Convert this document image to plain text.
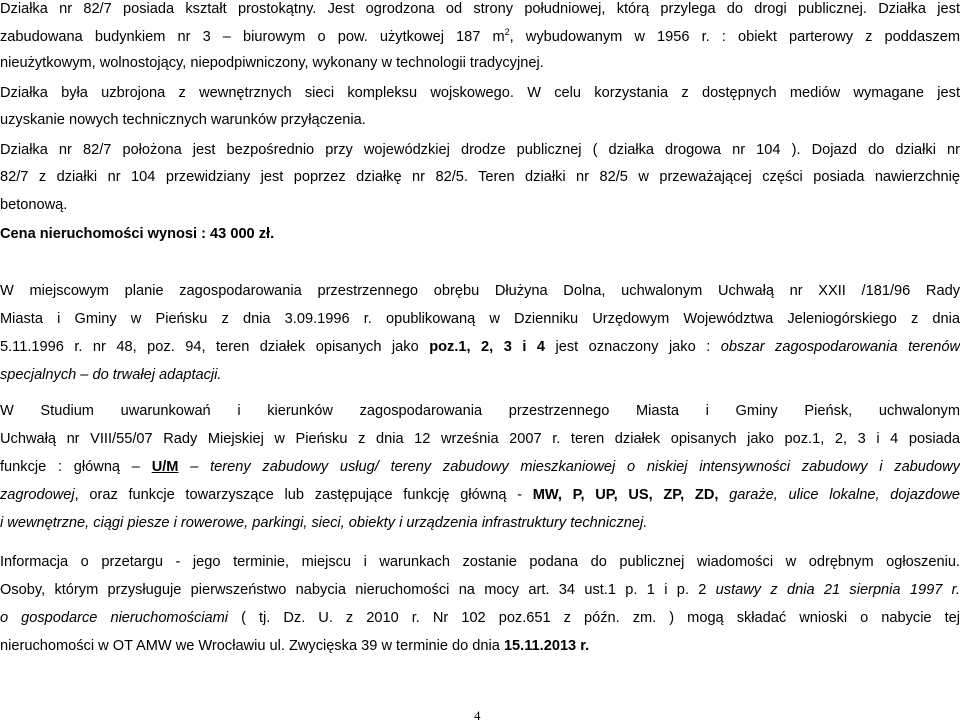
Działka nr 82/7 posiada kształt prostokątny. Jest ogrodzona od strony południowej, którą przylega do drogi publicznej. Działka jest
zabudowana budynkiem nr 3 – biurowym o pow. użytkowej 187 $m^2$, wybudowanym w 1956 r. : obiekt parterowy z poddaszem
nieużytkowym, wolnostojący, niepodpiwniczony, wykonany w technologii tradycyjnej.
Działka była uzbrojona z wewnętrznych sieci kompleksu wojskowego. W celu korzystania z dostępnych mediów wymagane jest
uzyskanie nowych technicznych warunków przyłączenia.
Działka nr 82/7 położona jest bezpośrednio przy wojewódzkiej drodze publicznej ( działka drogowa nr 104 ). Dojazd do działki nr
82/7 z działki nr 104 przewidziany jest poprzez działkę nr 82/5. Teren działki nr 82/5 w przeważającej części posiada nawierzchnię
betonową.
Cena nieruchomości wynosi : 43 000 zł.
W miejscowym planie zagospodarowania przestrzennego obrębu Dłużyna Dolna, uchwalonym Uchwałą nr XXII /181/96 Rady
Miasta i Gminy w Pieńsku z dnia 3.09.1996 r. opublikowaną w Dzienniku Urzędowym Województwa Jeleniogórskiego z dnia
5.11.1996 r. nr 48, poz. 94, teren działek opisanych jako poz.1, 2, 3 i 4 jest oznaczony jako : obszar zagospodarowania terenów
specjalnych – do trwałej adaptacji.
W Studium uwarunkowań i kierunków zagospodarowania przestrzennego Miasta i Gminy Pieńsk, uchwalonym
Uchwałą nr VIII/55/07 Rady Miejskiej w Pieńsku z dnia 12 września 2007 r. teren działek opisanych jako poz.1, 2, 3 i 4 posiada
funkcje : główną – U/M – tereny zabudowy usług/ tereny zabudowy mieszkaniowej o niskiej intensywności zabudowy i zabudowy
zagrodowej, oraz funkcje towarzyszące lub zastępujące funkcję główną - MW, P, UP, US, ZP, ZD, garaże, ulice lokalne, dojazdowe
i wewnętrzne, ciągi piesze i rowerowe, parkingi, sieci, obiekty i urządzenia infrastruktury technicznej.
Informacja o przetargu - jego terminie, miejscu i warunkach zostanie podana do publicznej wiadomości w odrębnym ogłoszeniu.
Osoby, którym przysługuje pierwszeństwo nabycia nieruchomości na mocy art. 34 ust.1 p. 1 i p. 2 ustawy z dnia 21 sierpnia 1997 r.
o gospodarce nieruchomościami ( tj. Dz. U. z 2010 r. Nr 102 poz.651 z późn. zm. ) mogą składać wnioski o nabycie tej
nieruchomości w OT AMW we Wrocławiu ul. Zwycięska 39 w terminie do dnia 15.11.2013 r.
4
